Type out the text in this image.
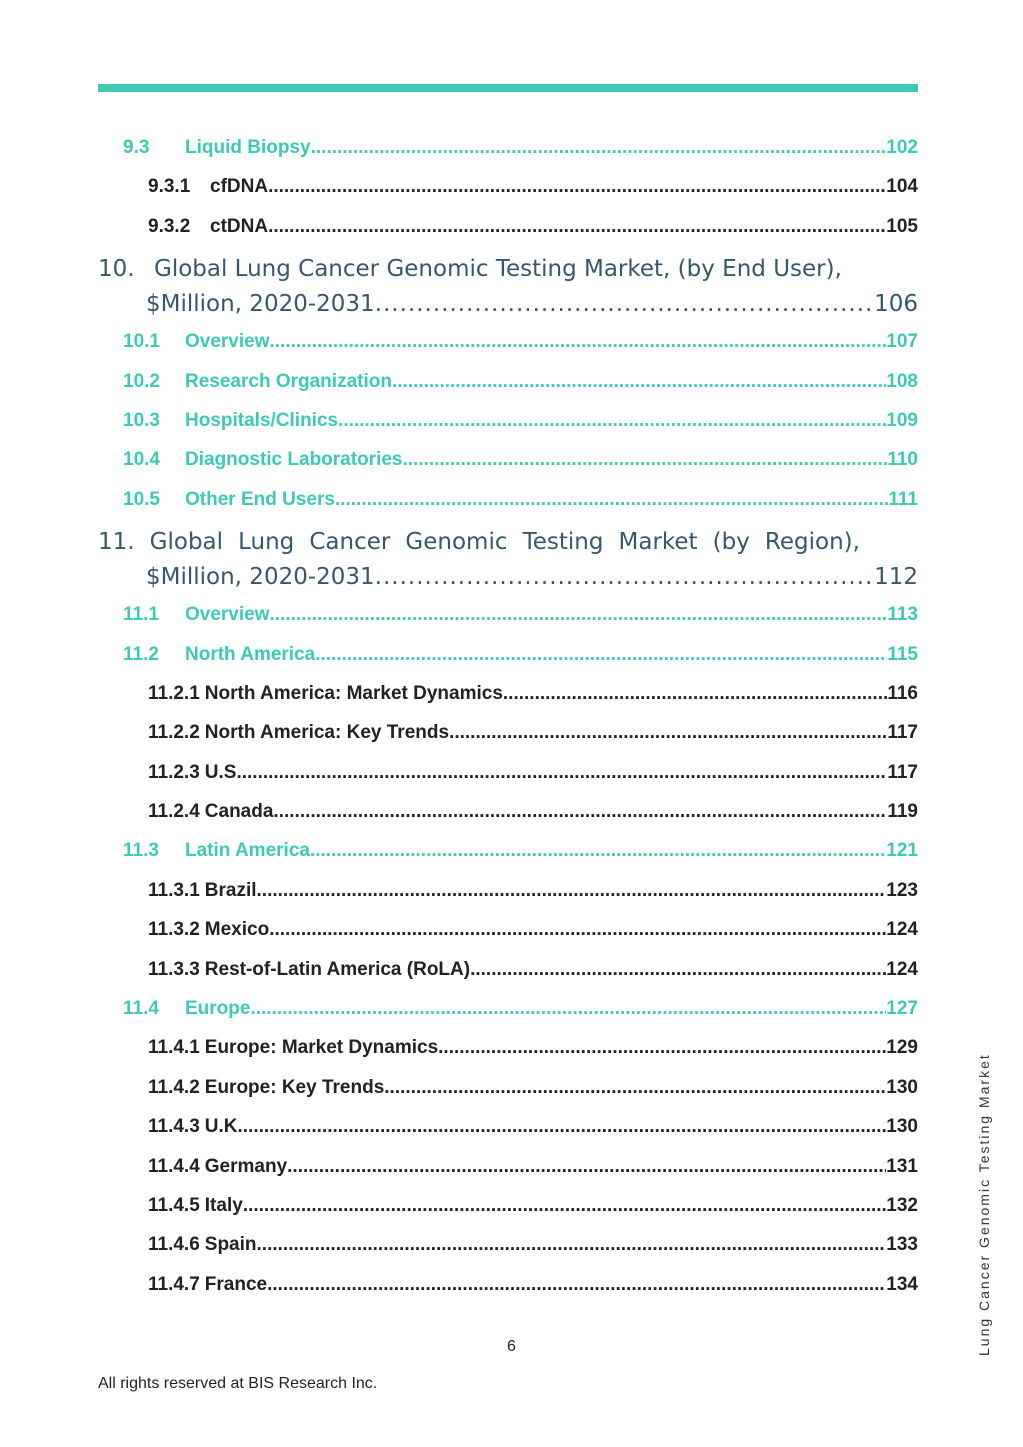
9.3	Liquid Biopsy .....	102
9.3.1	cfDNA .....	104
9.3.2	ctDNA .....	105
10. Global Lung Cancer Genomic Testing Market, (by End User),
$Million, 2020-2031 .....	106
10.1	Overview .....	107
10.2	Research Organization .....	108
10.3	Hospitals/Clinics .....	109
10.4	Diagnostic Laboratories .....	110
10.5	Other End Users .....	111
11. Global Lung Cancer Genomic Testing Market (by Region),
$Million, 2020-2031 .....	112
11.1	Overview .....	113
11.2	North America .....	115
11.2.1 North America: Market Dynamics .....	116
11.2.2 North America: Key Trends .....	117
11.2.3 U.S. .....	117
11.2.4 Canada .....	119
11.3	Latin America .....	121
11.3.1 Brazil .....	123
11.3.2 Mexico .....	124
11.3.3 Rest-of-Latin America (RoLA) .....	124
11.4	Europe .....	127
11.4.1 Europe: Market Dynamics .....	129
11.4.2 Europe: Key Trends .....	130
11.4.3 U.K. .....	130
11.4.4 Germany .....	131
11.4.5 Italy .....	132
11.4.6 Spain .....	133
11.4.7 France .....	134
6
All rights reserved at BIS Research Inc.
Lung Cancer Genomic Testing Market
